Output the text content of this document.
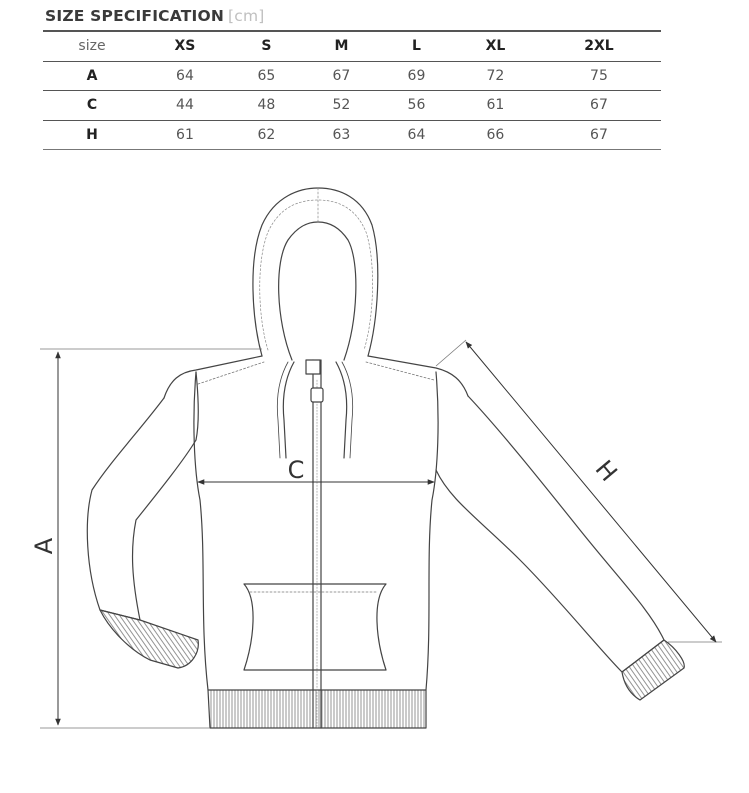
SIZE SPECIFICATION [cm]
size	XS	S	M	L	XL	2XL
A	64	65	67	69	72	75
C	44	48	52	56	61	67
H	61	62	63	64	66	67
A
C	H
